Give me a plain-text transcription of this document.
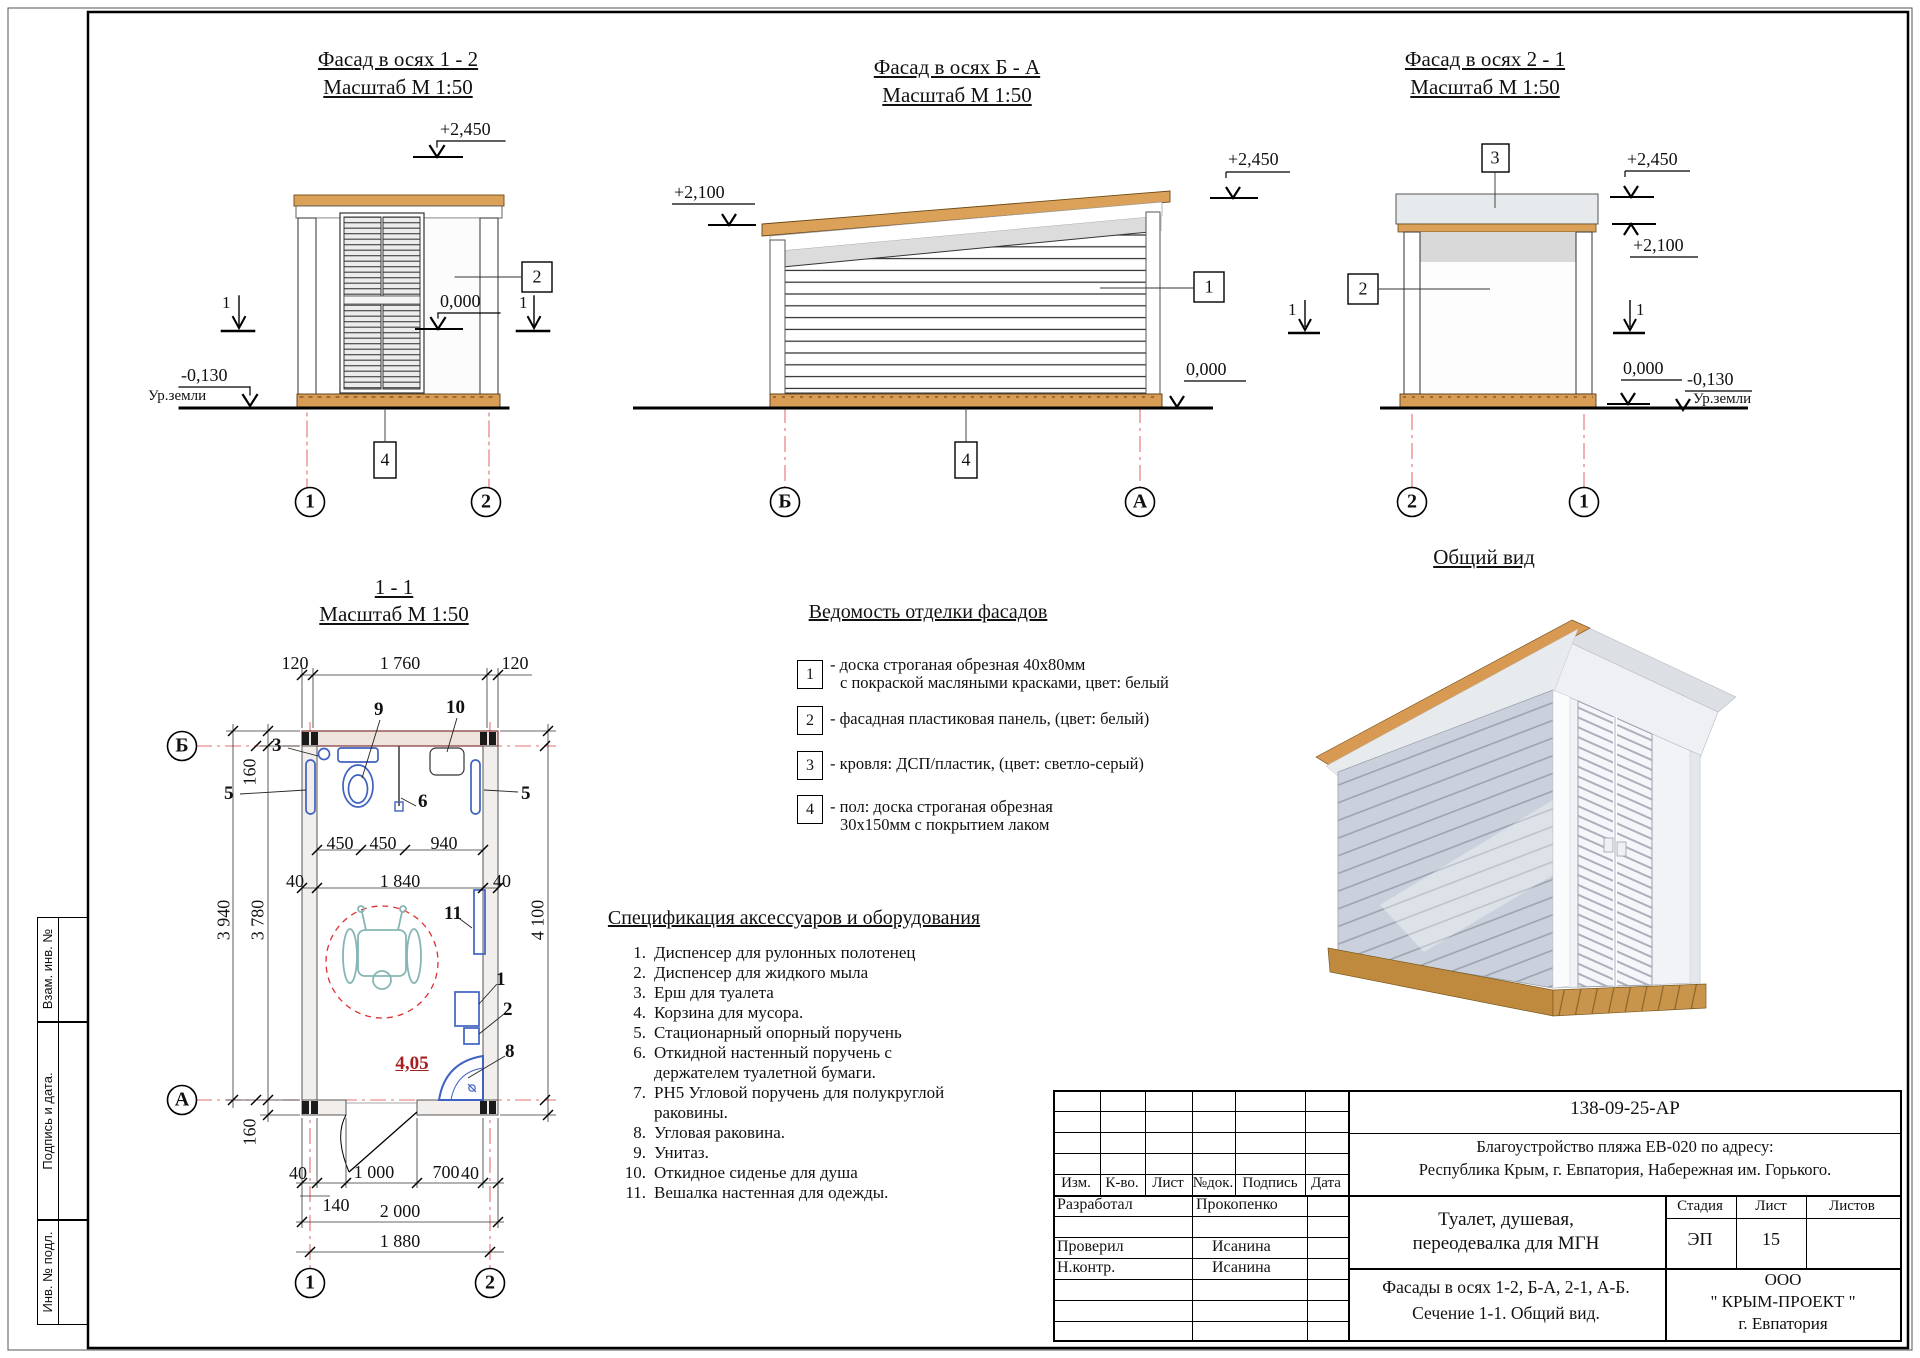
Фасад в осях 1 - 2
Масштаб М 1:50
Фасад в осях Б - А
Масштаб М 1:50
Фасад в осях 2 - 1
Масштаб М 1:50
1 - 1
Масштаб М 1:50
Общий вид
+2,450
0,000
-0,130
Ур.земли
+2,100
+2,450
0,000
+2,450
+2,100
0,000
-0,130
Ур.земли
1	1	1	1
2
4
1
4
3
2
1	2	Б	А	2	1
Б
А
1	2
120	1 760	120
160
3 940 3 780
160
4 100
450 450 940
40	1 840	40
40	1 000 700 40
140 2 000
1 880
3
9	10
5	5
6
11
1
2
8
4,05
Ведомость отделки фасадов
1
- доска строганая обрезная 40х80мм
с покраской масляными красками, цвет: белый
2 - фасадная пластиковая панель, (цвет: белый)
3 - кровля: ДСП/пластик, (цвет: светло-серый)
4 - пол: доска строганая обрезная
30х150мм с покрытием лаком
Спецификация аксессуаров и оборудования
1. Диспенсер для рулонных полотенец
2. Диспенсер для жидкого мыла
3. Ерш для туалета
4. Корзина для мусора.
5. Стационарный опорный поручень
6. Откидной настенный поручень с
держателем туалетной бумаги.
7. РН5 Угловой поручень для полукруглой
раковины.
8. Угловая раковина.
9. Унитаз.
10. Откидное сиденье для душа
11. Вешалка настенная для одежды.
138-09-25-АР
Благоустройство пляжа ЕВ-020 по адресу:
Республика Крым, г. Евпатория, Набережная им. Горького.
Изм. К-во. Лист №док. Подпись Дата
Разработал	Прокопенко
Проверил	Исанина
Н.контр.	Исанина
Туалет, душевая,
переодевалка для МГН
Стадия Лист	Листов
ЭП	15
Фасады в осях 1-2, Б-А, 2-1, А-Б.
Сечение 1-1. Общий вид.
ООО
" КРЫМ-ПРОЕКТ "
г. Евпатория
Взам. инв. №
Подпись и дата.
Инв. № подл.
